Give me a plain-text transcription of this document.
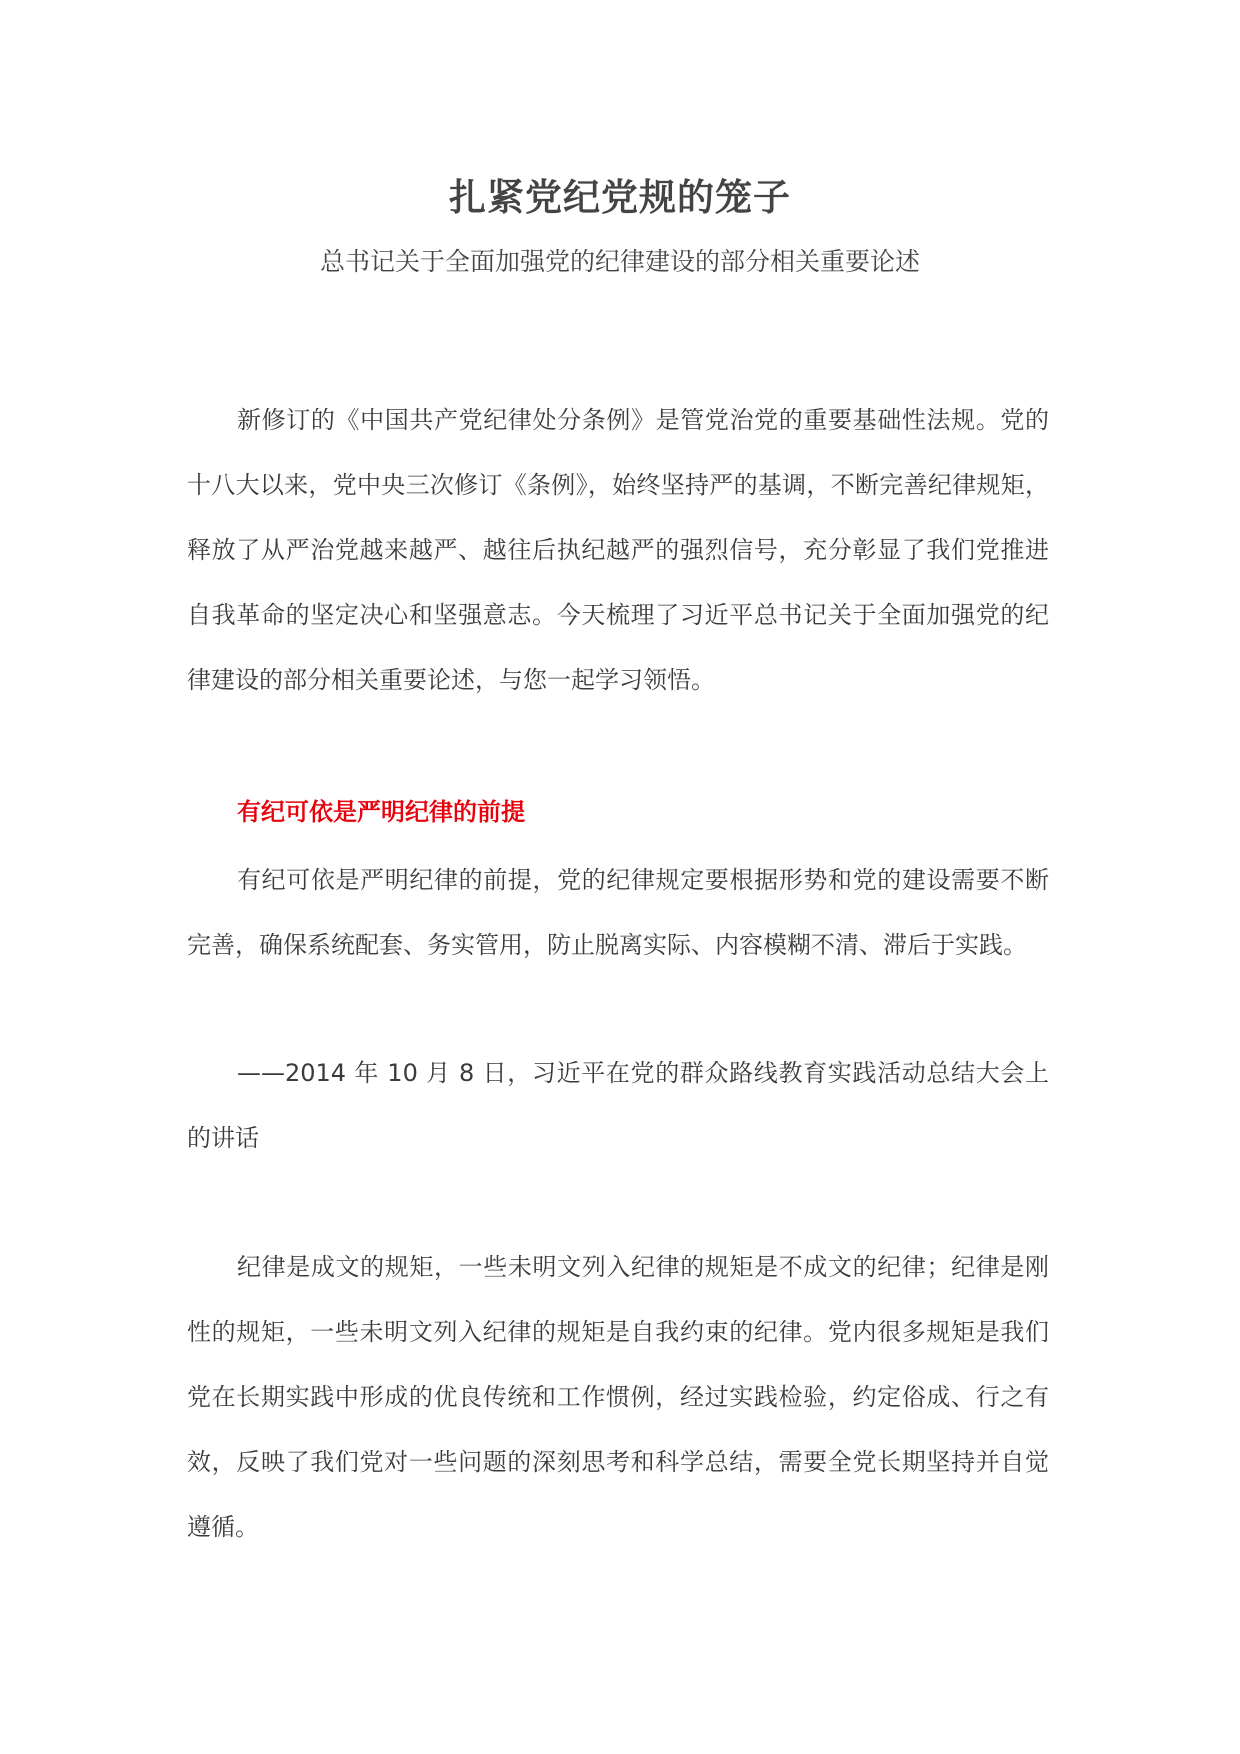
扎紧党纪党规的笼子
总书记关于全面加强党的纪律建设的部分相关重要论述

新修订的《中国共产党纪律处分条例》是管党治党的重要基础性法规。党的十八大以来，党中央三次修订《条例》，始终坚持严的基调，不断完善纪律规矩，释放了从严治党越来越严、越往后执纪越严的强烈信号，充分彰显了我们党推进自我革命的坚定决心和坚强意志。今天梳理了习近平总书记关于全面加强党的纪律建设的部分相关重要论述，与您一起学习领悟。

有纪可依是严明纪律的前提

有纪可依是严明纪律的前提，党的纪律规定要根据形势和党的建设需要不断完善，确保系统配套、务实管用，防止脱离实际、内容模糊不清、滞后于实践。

——2014 年 10 月 8 日，习近平在党的群众路线教育实践活动总结大会上的讲话

纪律是成文的规矩，一些未明文列入纪律的规矩是不成文的纪律；纪律是刚性的规矩，一些未明文列入纪律的规矩是自我约束的纪律。党内很多规矩是我们党在长期实践中形成的优良传统和工作惯例，经过实践检验，约定俗成、行之有效，反映了我们党对一些问题的深刻思考和科学总结，需要全党长期坚持并自觉遵循。
